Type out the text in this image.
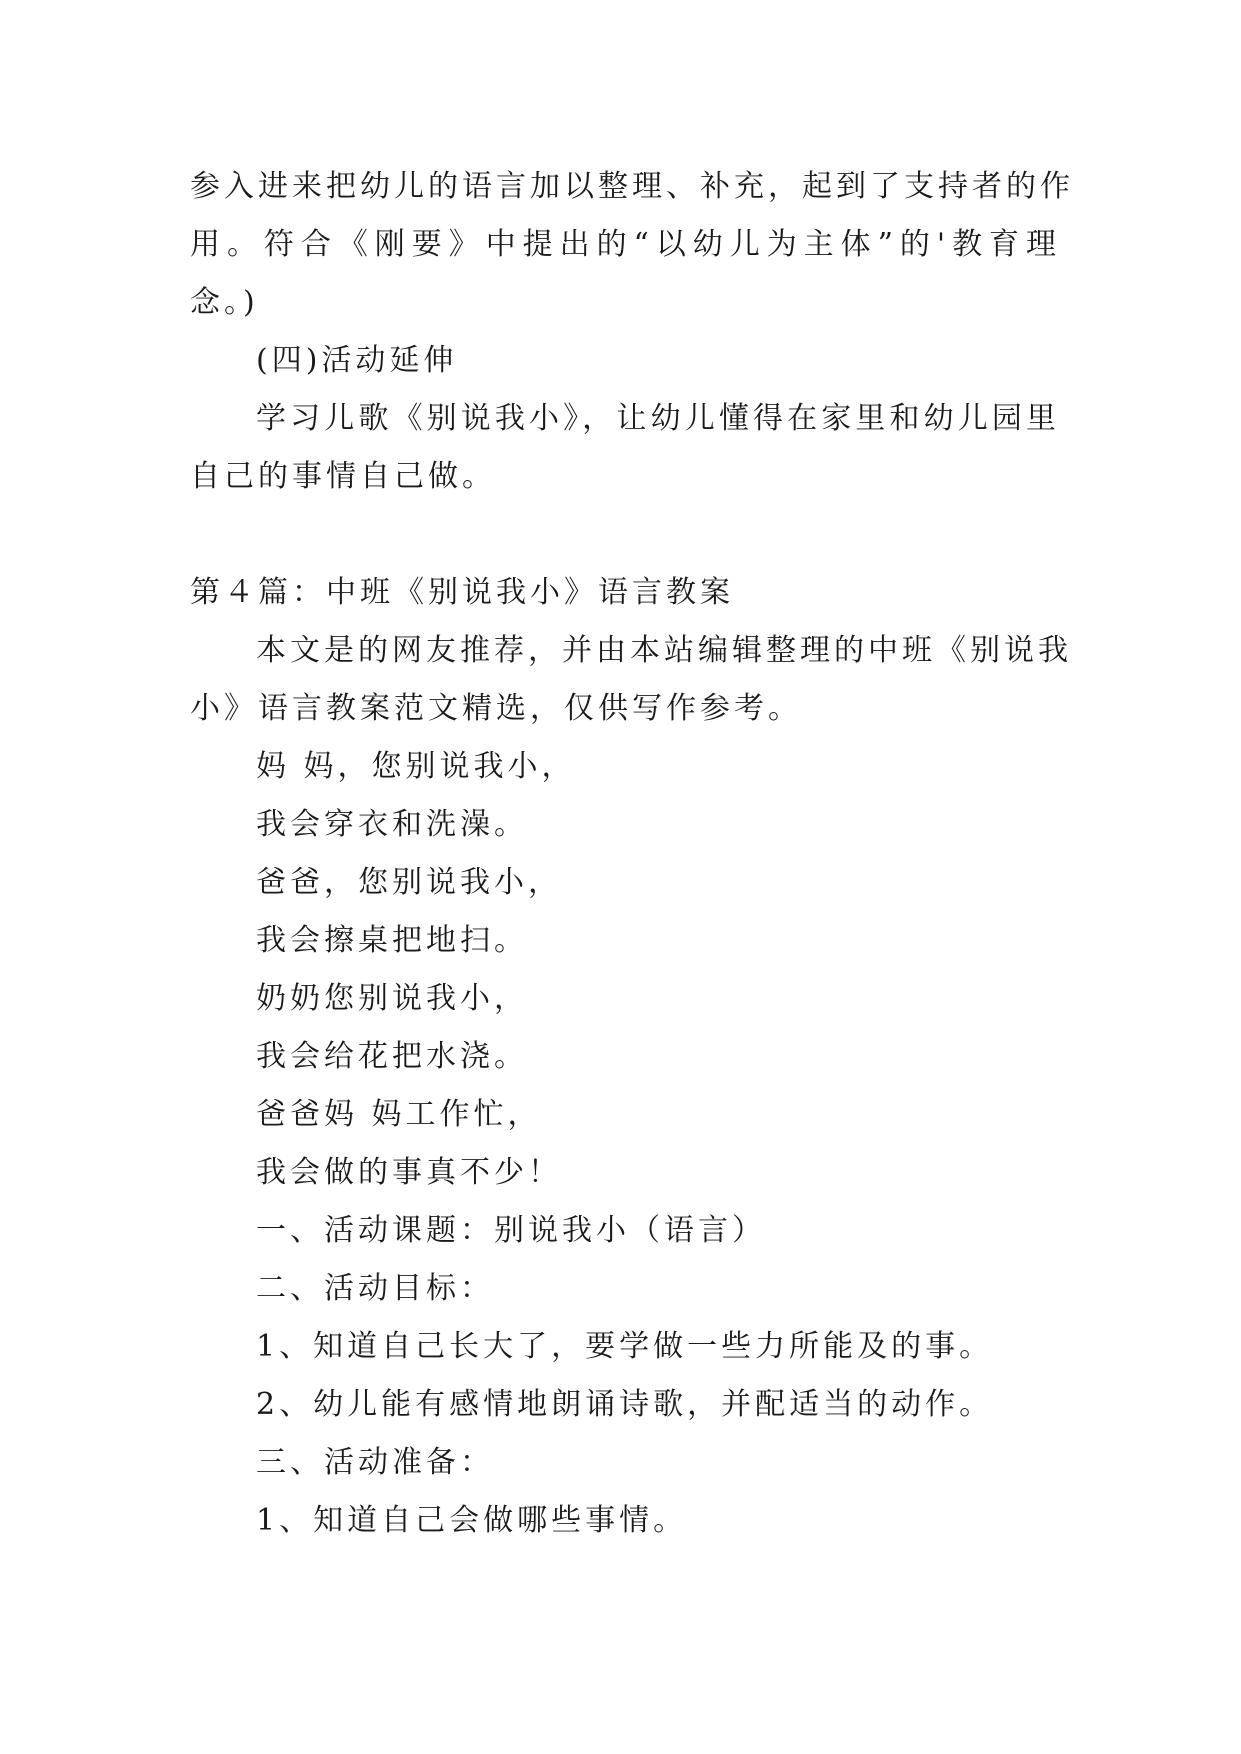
参入进来把幼儿的语言加以整理、补充，起到了支持者的作
用。符合《刚要》中提出的“以幼儿为主体”的'教育理
念。)
(四)活动延伸
学习儿歌《别说我小》，让幼儿懂得在家里和幼儿园里
自己的事情自己做。
第４篇：中班《别说我小》语言教案
本文是的网友推荐，并由本站编辑整理的中班《别说我
小》语言教案范文精选，仅供写作参考。
妈 妈，您别说我小，
我会穿衣和洗澡。
爸爸，您别说我小，
我会擦桌把地扫。
奶奶您别说我小，
我会给花把水浇。
爸爸妈 妈工作忙，
我会做的事真不少！
一、活动课题：别说我小（语言）
二、活动目标：
1、知道自己长大了，要学做一些力所能及的事。
2、幼儿能有感情地朗诵诗歌，并配适当的动作。
三、活动准备：
1、知道自己会做哪些事情。
